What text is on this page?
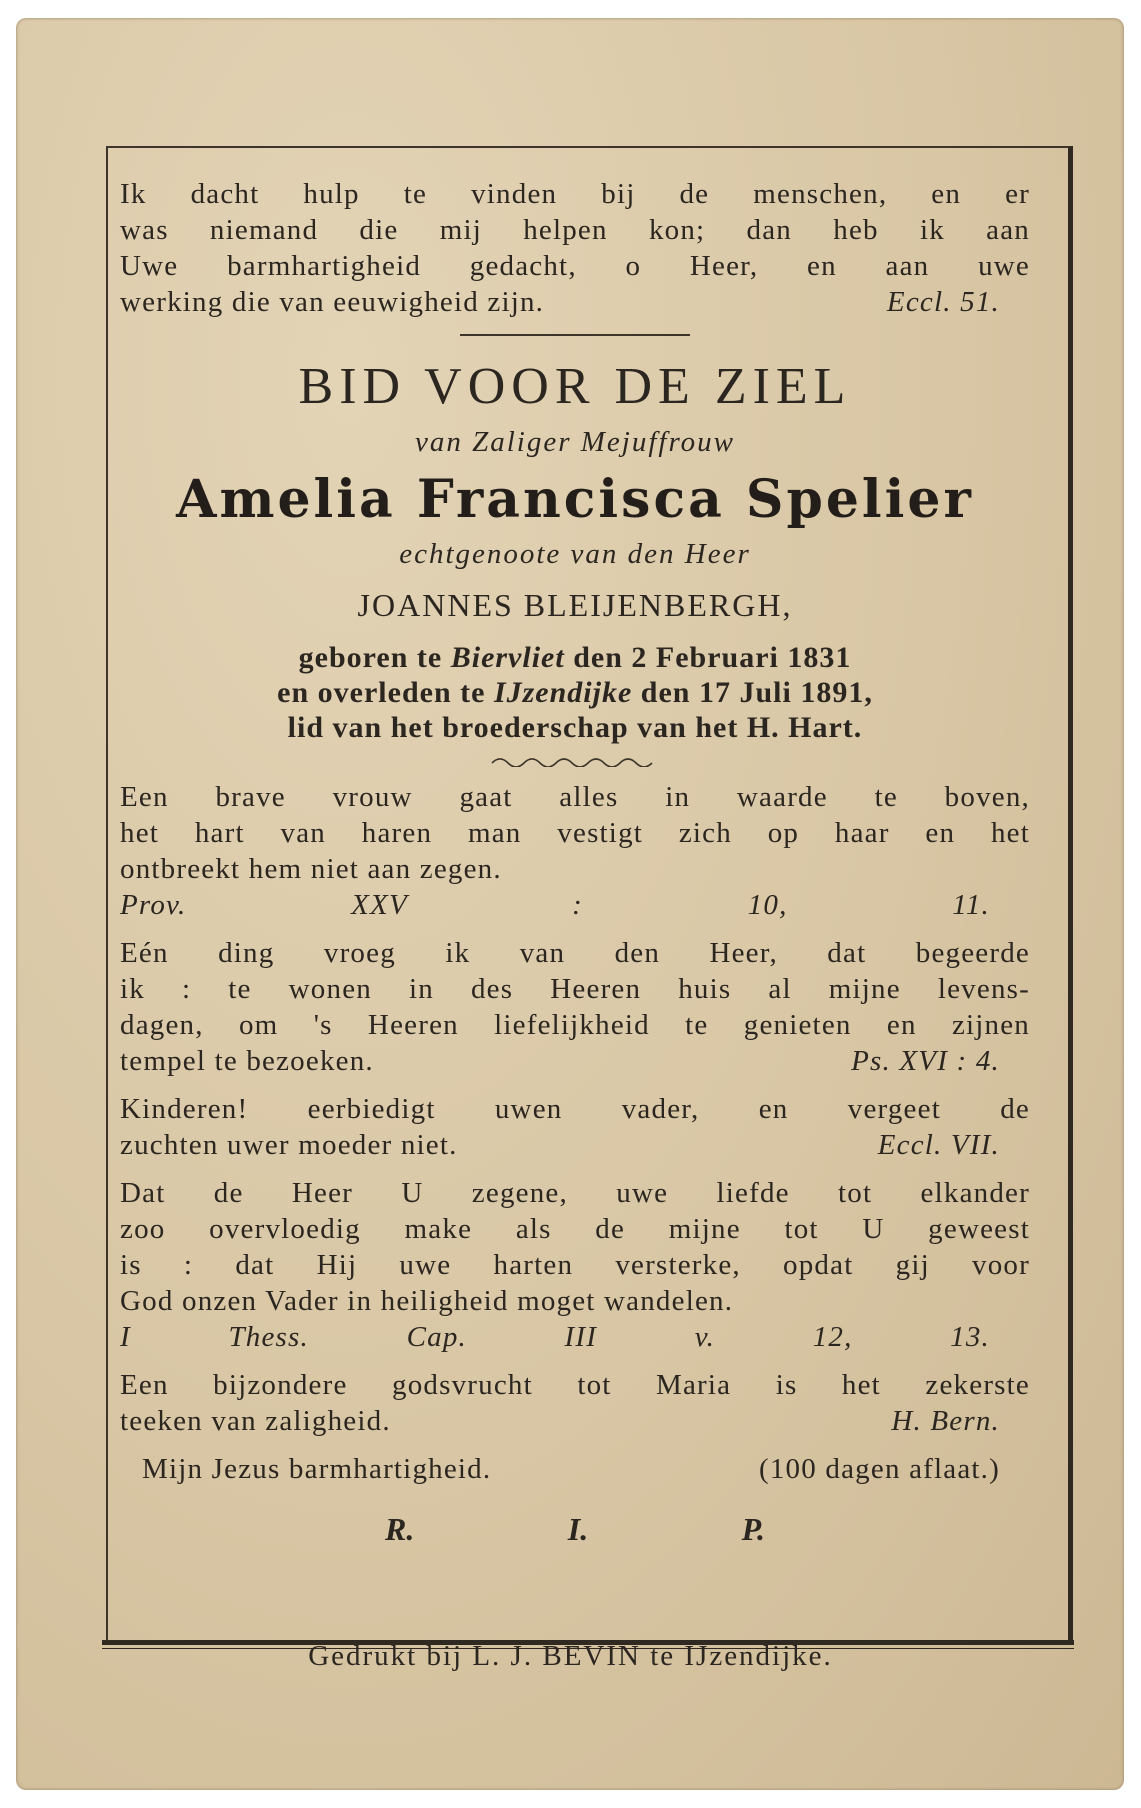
Ik dacht hulp te vinden bij de menschen, en er
was niemand die mij helpen kon; dan heb ik aan
Uwe barmhartigheid gedacht, o Heer, en aan uwe
werking die van eeuwigheid zijn.	Eccl. 51.

BID VOOR DE ZIEL

van Zaliger Mejuffrouw

Amelia Francisca Spelier

echtgenoote van den Heer

JOANNES BLEIJENBERGH,

geboren te Biervliet den 2 Februari 1831
en overleden te IJzendijke den 17 Juli 1891,
lid van het broederschap van het H. Hart.
Een brave vrouw gaat alles in waarde te boven,
het hart van haren man vestigt zich op haar en het
ontbreekt hem niet aan zegen.
Prov. XXV : 10, 11.
Eén ding vroeg ik van den Heer, dat begeerde
ik : te wonen in des Heeren huis al mijne levens-
dagen, om 's Heeren liefelijkheid te genieten en zijnen
tempel te bezoeken.	Ps. XVI : 4.
Kinderen! eerbiedigt uwen vader, en vergeet de
zuchten uwer moeder niet.	Eccl. VII.
Dat de Heer U zegene, uwe liefde tot elkander
zoo overvloedig make als de mijne tot U geweest
is : dat Hij uwe harten versterke, opdat gij voor
God onzen Vader in heiligheid moget wandelen.
I Thess. Cap. III v. 12, 13.
Een bijzondere godsvrucht tot Maria is het zekerste
teeken van zaligheid.	H. Bern.
Mijn Jezus barmhartigheid.	(100 dagen aflaat.)
R.	I.	P.

Gedrukt bij L. J. BEVIN te IJzendijke.
